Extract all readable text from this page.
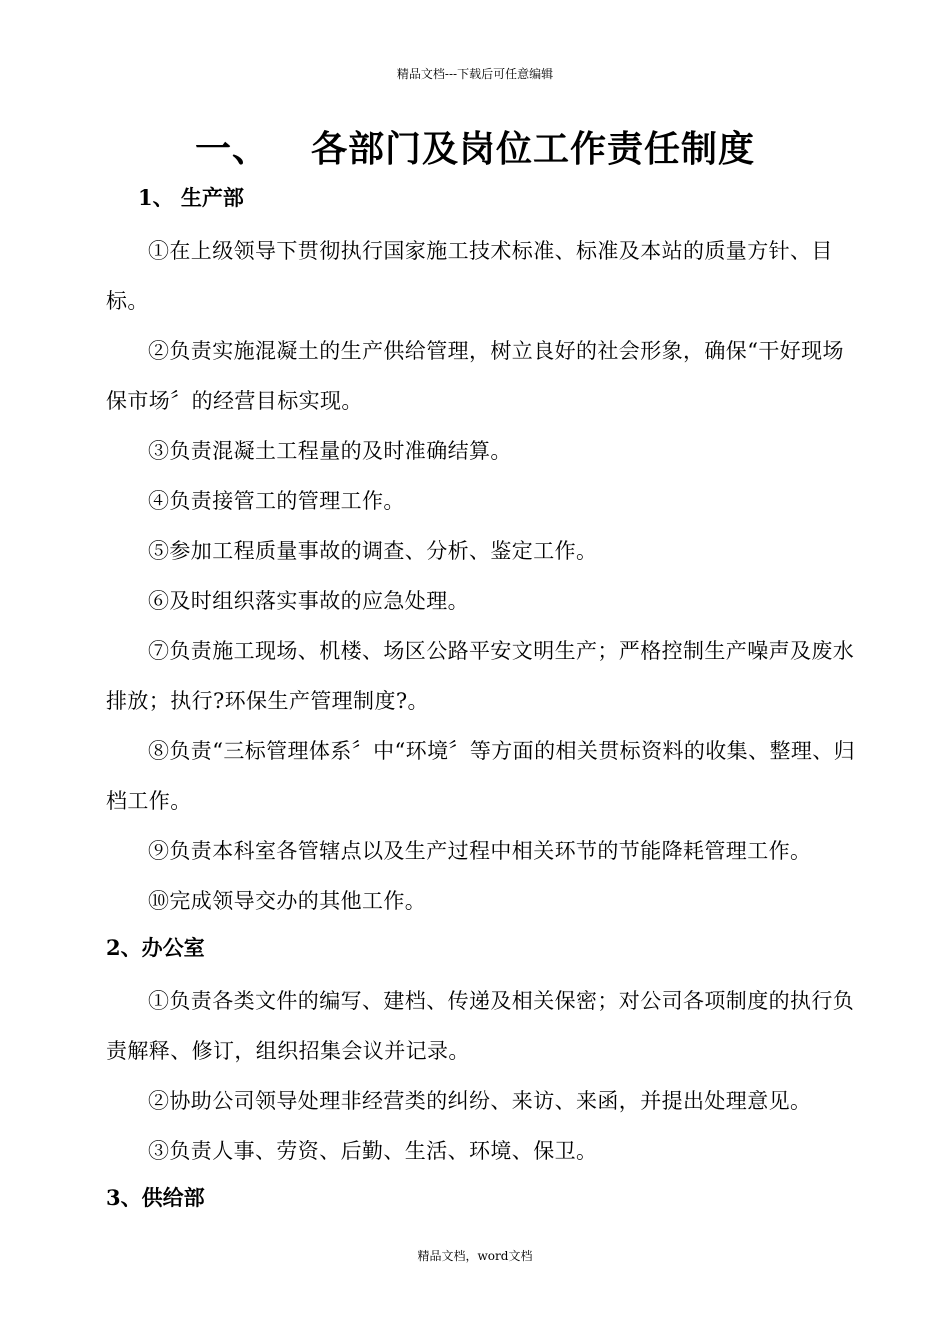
精品文档---下载后可任意编辑
一、 各部门及岗位工作责任制度
1、 生产部

①在上级领导下贯彻执行国家施工技术标准、标准及本站的质量方针、目标。

②负责实施混凝土的生产供给管理，树立良好的社会形象，确保“干好现场保市场〞的经营目标实现。

③负责混凝土工程量的及时准确结算。

④负责接管工的管理工作。

⑤参加工程质量事故的调查、分析、鉴定工作。

⑥及时组织落实事故的应急处理。

⑦负责施工现场、机楼、场区公路平安文明生产；严格控制生产噪声及废水排放；执行?环保生产管理制度?。

⑧负责“三标管理体系〞中“环境〞等方面的相关贯标资料的收集、整理、归档工作。

⑨负责本科室各管辖点以及生产过程中相关环节的节能降耗管理工作。

⑩完成领导交办的其他工作。

2、办公室

①负责各类文件的编写、建档、传递及相关保密；对公司各项制度的执行负责解释、修订，组织招集会议并记录。

②协助公司领导处理非经营类的纠纷、来访、来函，并提出处理意见。

③负责人事、劳资、后勤、生活、环境、保卫。

3、供给部
精品文档，word文档
